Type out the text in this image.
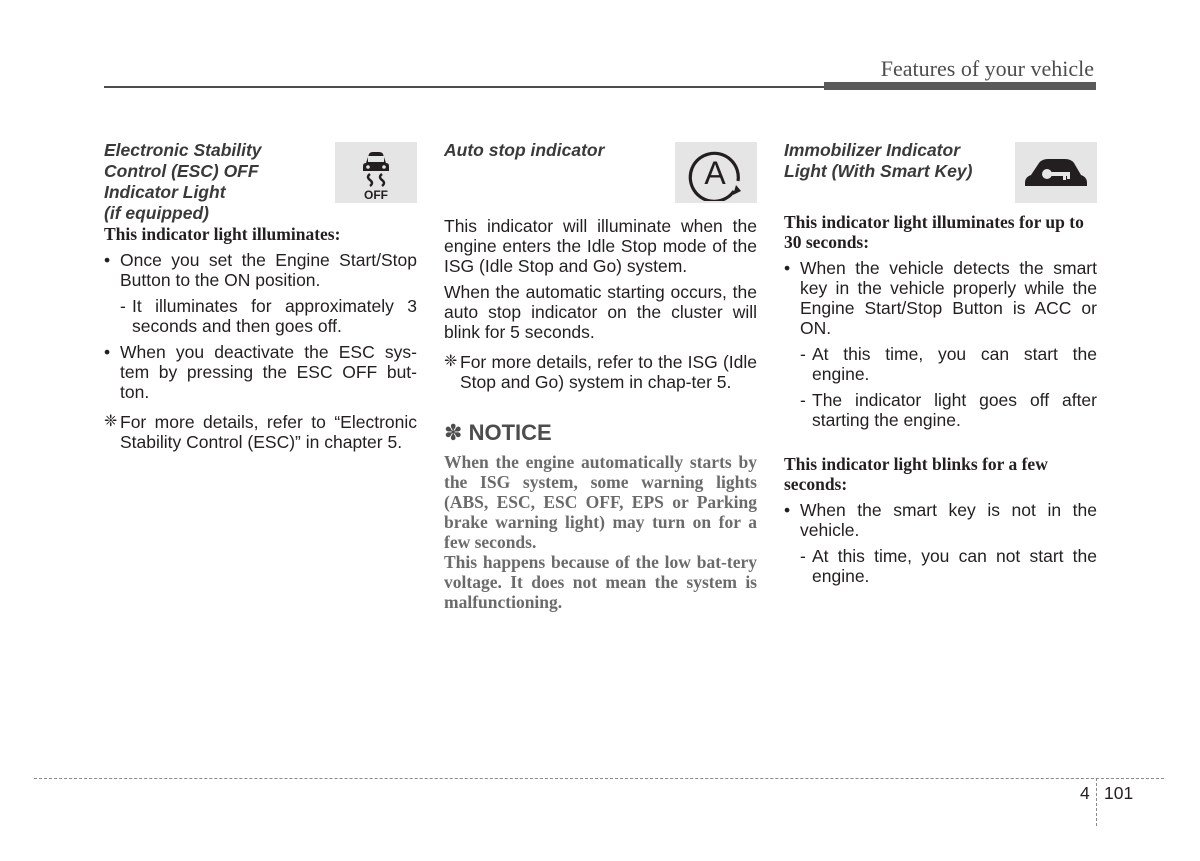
Features of your vehicle
Electronic Stability
Control (ESC) OFF
Indicator Light
(if equipped)
OFF

This indicator light illuminates:

• Once you set the Engine Start/Stop Button to the ON position.
- It illuminates for approximately 3 seconds and then goes off.
• When you deactivate the ESC sys-tem by pressing the ESC OFF but-ton.
❈ For more details, refer to “Electronic Stability Control (ESC)” in chapter 5.
Auto stop indicator
A

This indicator will illuminate when the engine enters the Idle Stop mode of the ISG (Idle Stop and Go) system.

When the automatic starting occurs, the auto stop indicator on the cluster will blink for 5 seconds.

❈ For more details, refer to the ISG (Idle Stop and Go) system in chap-ter 5.
✽ NOTICE

When the engine automatically starts by the ISG system, some warning lights (ABS, ESC, ESC OFF, EPS or Parking brake warning light) may turn on for a few seconds.

This happens because of the low bat-tery voltage. It does not mean the system is malfunctioning.

Immobilizer Indicator
Light (With Smart Key)

This indicator light illuminates for up to 30 seconds:

• When the vehicle detects the smart key in the vehicle properly while the Engine Start/Stop Button is ACC or ON.
- At this time, you can start the engine.
- The indicator light goes off after starting the engine.

This indicator light blinks for a few seconds:

• When the smart key is not in the vehicle.
- At this time, you can not start the engine.
4 101
